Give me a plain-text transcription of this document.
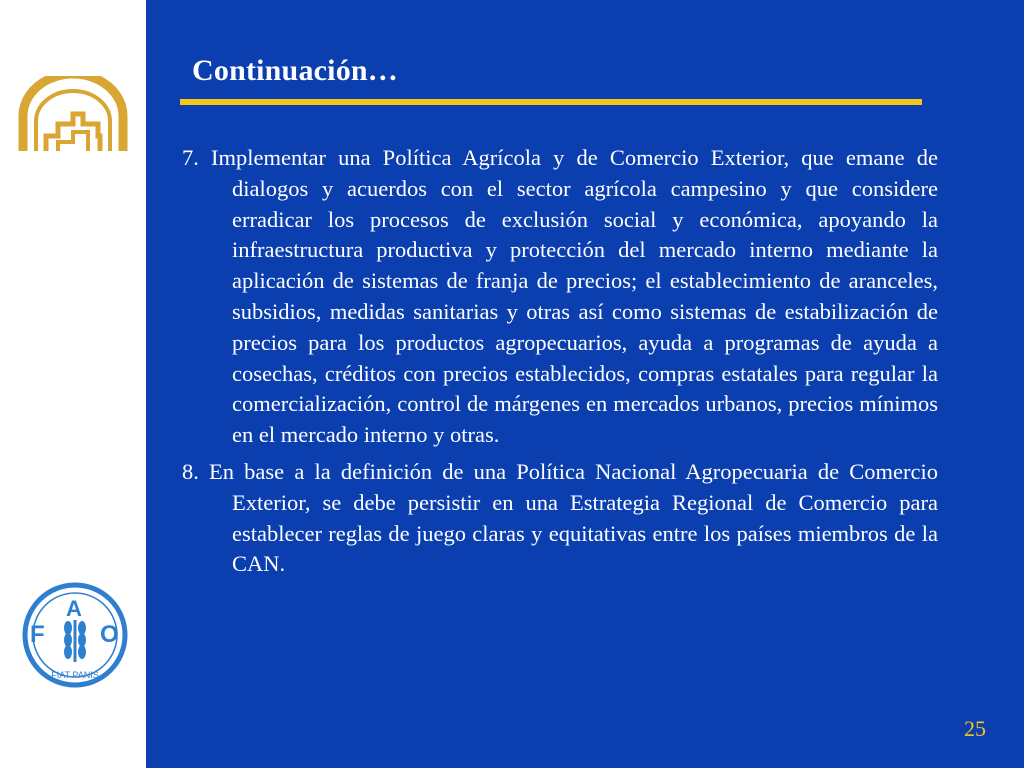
F
A
O
FIAT PANIS
Continuación…

7. Implementar una Política Agrícola y de Comercio Exterior, que emane de dialogos y acuerdos con el sector agrícola campesino y que considere erradicar los procesos de exclusión social y económica, apoyando la infraestructura productiva y protección del mercado interno mediante la aplicación de sistemas de franja de precios; el establecimiento de aranceles, subsidios, medidas sanitarias y otras así como sistemas de estabilización de precios para los productos agropecuarios, ayuda a programas de ayuda a cosechas, créditos con precios establecidos, compras estatales para regular la comercialización, control de márgenes en mercados urbanos, precios mínimos en el mercado interno y otras.

8. En base a la definición de una Política Nacional Agropecuaria de Comercio Exterior, se debe persistir en una Estrategia Regional de Comercio para establecer reglas de juego claras y equitativas entre los países miembros de la CAN.

25
